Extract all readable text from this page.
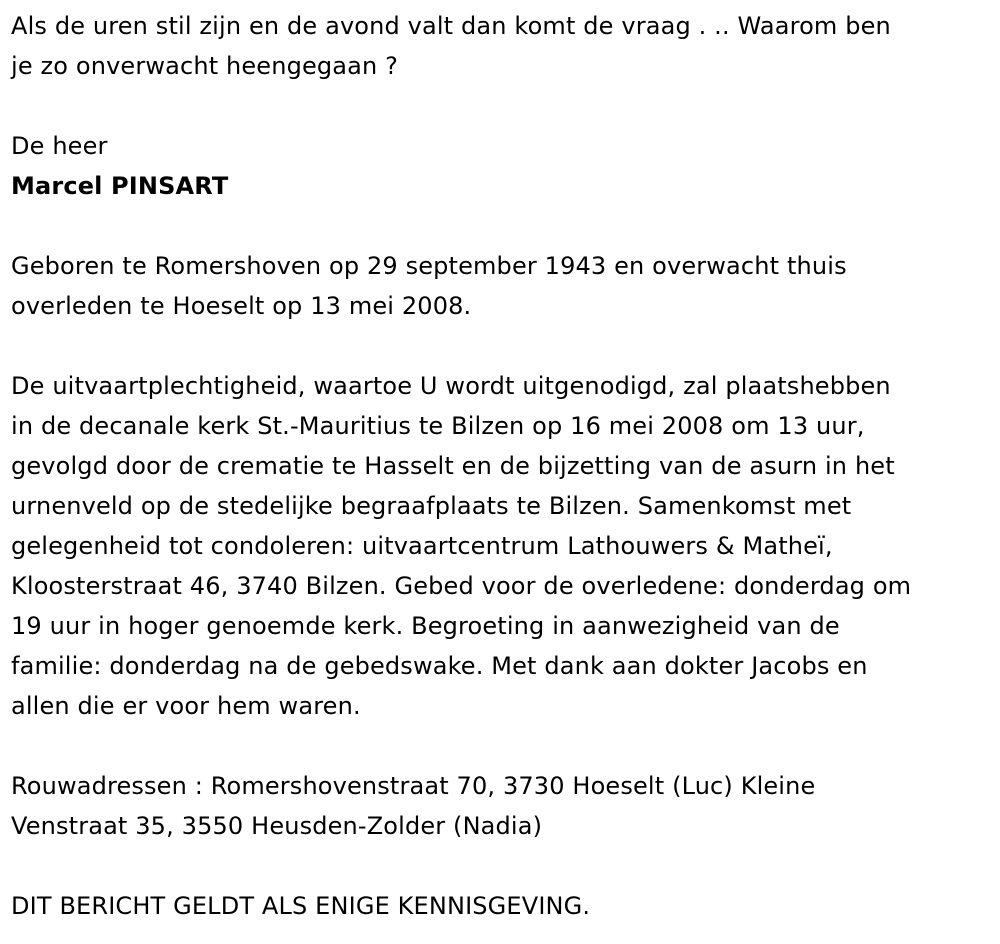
Als de uren stil zijn en de avond valt dan komt de vraag . .. Waarom ben

je zo onverwacht heengegaan ?

De heer

Marcel PINSART

Geboren te Romershoven op 29 september 1943 en overwacht thuis

overleden te Hoeselt op 13 mei 2008.

De uitvaartplechtigheid, waartoe U wordt uitgenodigd, zal plaatshebben

in de decanale kerk St.-Mauritius te Bilzen op 16 mei 2008 om 13 uur,

gevolgd door de crematie te Hasselt en de bijzetting van de asurn in het

urnenveld op de stedelijke begraafplaats te Bilzen. Samenkomst met

gelegenheid tot condoleren: uitvaartcentrum Lathouwers & Matheï,

Kloosterstraat 46, 3740 Bilzen. Gebed voor de overledene: donderdag om

19 uur in hoger genoemde kerk. Begroeting in aanwezigheid van de

familie: donderdag na de gebedswake. Met dank aan dokter Jacobs en

allen die er voor hem waren.

Rouwadressen : Romershovenstraat 70, 3730 Hoeselt (Luc) Kleine

Venstraat 35, 3550 Heusden-Zolder (Nadia)

DIT BERICHT GELDT ALS ENIGE KENNISGEVING.
